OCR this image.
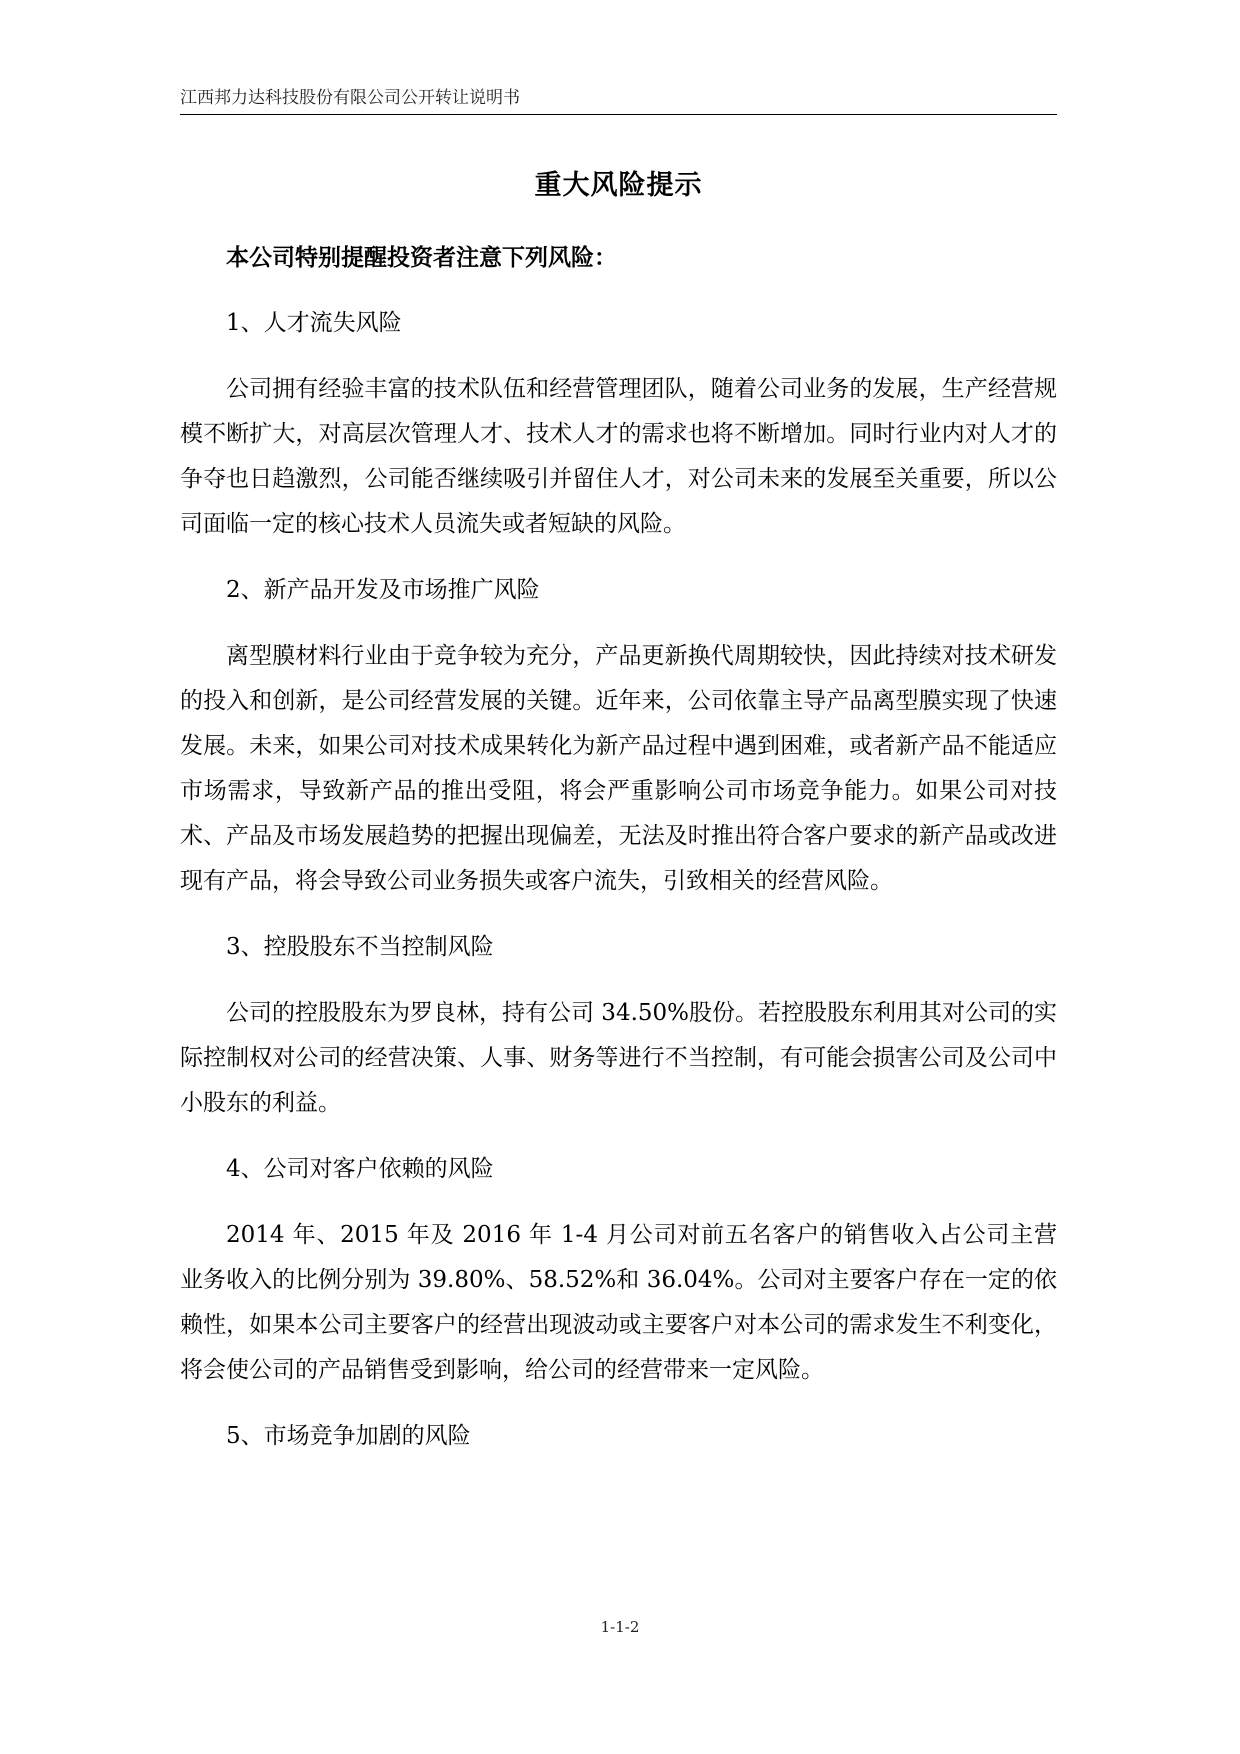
江西邦力达科技股份有限公司公开转让说明书
重大风险提示

本公司特别提醒投资者注意下列风险：

1、人才流失风险

公司拥有经验丰富的技术队伍和经营管理团队，随着公司业务的发展，生产经营规模不断扩大，对高层次管理人才、技术人才的需求也将不断增加。同时行业内对人才的争夺也日趋激烈，公司能否继续吸引并留住人才，对公司未来的发展至关重要，所以公司面临一定的核心技术人员流失或者短缺的风险。

2、新产品开发及市场推广风险

离型膜材料行业由于竞争较为充分，产品更新换代周期较快，因此持续对技术研发的投入和创新，是公司经营发展的关键。近年来，公司依靠主导产品离型膜实现了快速发展。未来，如果公司对技术成果转化为新产品过程中遇到困难，或者新产品不能适应市场需求，导致新产品的推出受阻，将会严重影响公司市场竞争能力。如果公司对技术、产品及市场发展趋势的把握出现偏差，无法及时推出符合客户要求的新产品或改进现有产品，将会导致公司业务损失或客户流失，引致相关的经营风险。

3、控股股东不当控制风险

公司的控股股东为罗良林，持有公司 34.50%股份。若控股股东利用其对公司的实际控制权对公司的经营决策、人事、财务等进行不当控制，有可能会损害公司及公司中小股东的利益。

4、公司对客户依赖的风险

2014 年、2015 年及 2016 年 1-4 月公司对前五名客户的销售收入占公司主营业务收入的比例分别为 39.80%、58.52%和 36.04%。公司对主要客户存在一定的依赖性，如果本公司主要客户的经营出现波动或主要客户对本公司的需求发生不利变化，将会使公司的产品销售受到影响，给公司的经营带来一定风险。

5、市场竞争加剧的风险

1-1-2
